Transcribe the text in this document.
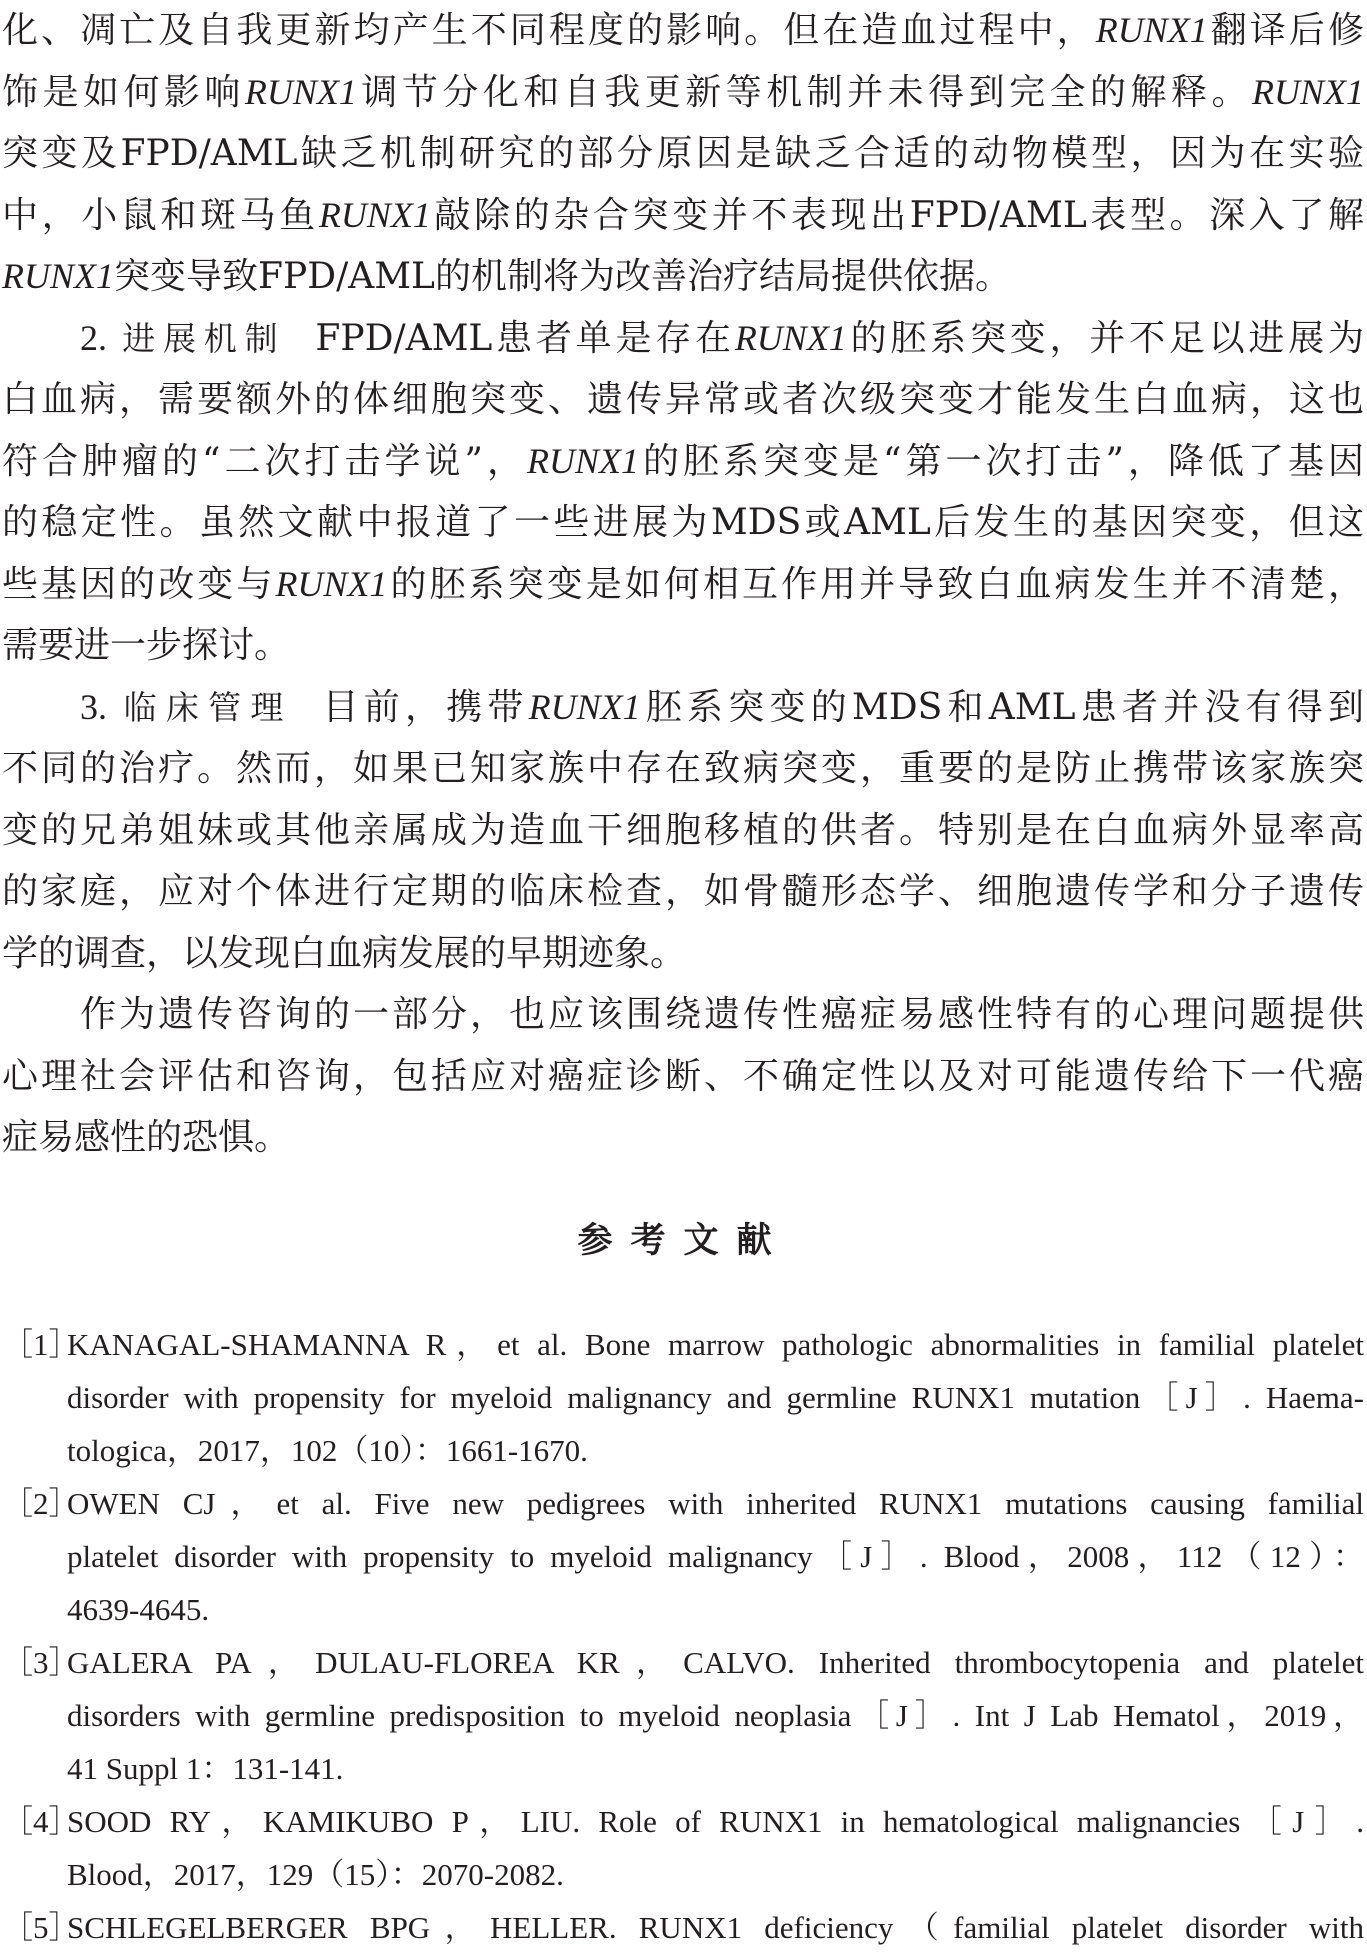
化、凋亡及自我更新均产生不同程度的影响。但在造血过程中，RUNX1翻译后修
饰是如何影响RUNX1调节分化和自我更新等机制并未得到完全的解释。RUNX1
突变及FPD/AML缺乏机制研究的部分原因是缺乏合适的动物模型，因为在实验
中，小鼠和斑马鱼RUNX1敲除的杂合突变并不表现出FPD/AML表型。深入了解
RUNX1突变导致FPD/AML的机制将为改善治疗结局提供依据。
2. 进展机制 FPD/AML患者单是存在RUNX1的胚系突变，并不足以进展为
白血病，需要额外的体细胞突变、遗传异常或者次级突变才能发生白血病，这也
符合肿瘤的“二次打击学说”，RUNX1的胚系突变是“第一次打击”，降低了基因
的稳定性。虽然文献中报道了一些进展为MDS或AML后发生的基因突变，但这
些基因的改变与RUNX1的胚系突变是如何相互作用并导致白血病发生并不清楚，
需要进一步探讨。
3. 临床管理 目前，携带RUNX1胚系突变的MDS和AML患者并没有得到
不同的治疗。然而，如果已知家族中存在致病突变，重要的是防止携带该家族突
变的兄弟姐妹或其他亲属成为造血干细胞移植的供者。特别是在白血病外显率高
的家庭，应对个体进行定期的临床检查，如骨髓形态学、细胞遗传学和分子遗传
学的调查，以发现白血病发展的早期迹象。
作为遗传咨询的一部分，也应该围绕遗传性癌症易感性特有的心理问题提供
心理社会评估和咨询，包括应对癌症诊断、不确定性以及对可能遗传给下一代癌
症易感性的恐惧。
参考文献
［1］KANAGAL-SHAMANNA R，et al. Bone marrow pathologic abnormalities in familial platelet
disorder with propensity for myeloid malignancy and germline RUNX1 mutation［J］. Haema-
tologica，2017，102（10）：1661-1670.
［2］OWEN CJ，et al. Five new pedigrees with inherited RUNX1 mutations causing familial
platelet disorder with propensity to myeloid malignancy［J］. Blood，2008，112（12）：
4639-4645.
［3］GALERA PA，DULAU-FLOREA KR，CALVO. Inherited thrombocytopenia and platelet
disorders with germline predisposition to myeloid neoplasia［J］. Int J Lab Hematol，2019，
41 Suppl 1：131-141.
［4］SOOD RY，KAMIKUBO P，LIU. Role of RUNX1 in hematological malignancies［J］.
Blood，2017，129（15）：2070-2082.
［5］SCHLEGELBERGER BPG，HELLER. RUNX1 deficiency（familial platelet disorder with
